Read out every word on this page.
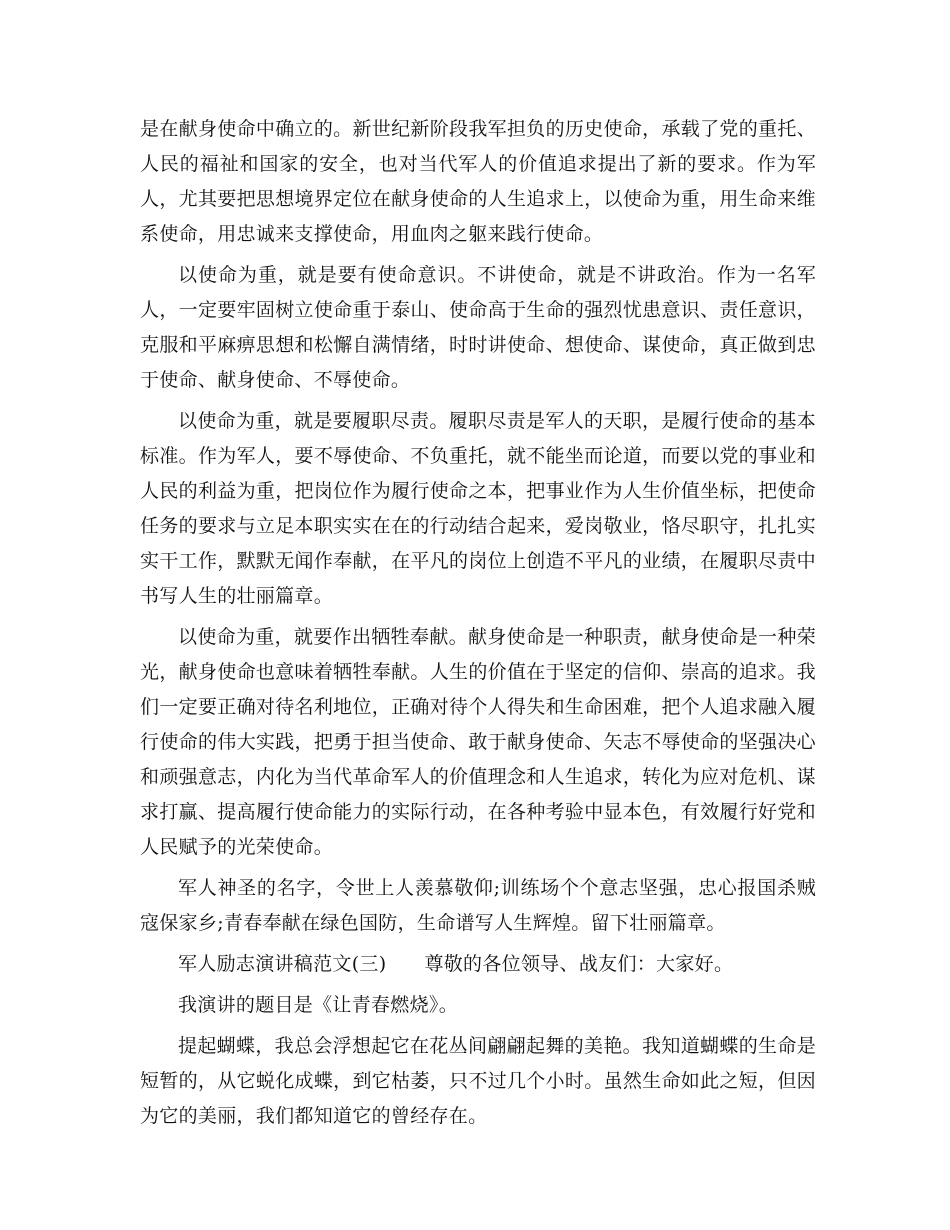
是在献身使命中确立的。新世纪新阶段我军担负的历史使命，承载了党的重托、人民的福祉和国家的安全，也对当代军人的价值追求提出了新的要求。作为军人，尤其要把思想境界定位在献身使命的人生追求上，以使命为重，用生命来维系使命，用忠诚来支撑使命，用血肉之躯来践行使命。

以使命为重，就是要有使命意识。不讲使命，就是不讲政治。作为一名军人，一定要牢固树立使命重于泰山、使命高于生命的强烈忧患意识、责任意识，克服和平麻痹思想和松懈自满情绪，时时讲使命、想使命、谋使命，真正做到忠于使命、献身使命、不辱使命。

以使命为重，就是要履职尽责。履职尽责是军人的天职，是履行使命的基本标准。作为军人，要不辱使命、不负重托，就不能坐而论道，而要以党的事业和人民的利益为重，把岗位作为履行使命之本，把事业作为人生价值坐标，把使命任务的要求与立足本职实实在在的行动结合起来，爱岗敬业，恪尽职守，扎扎实实干工作，默默无闻作奉献，在平凡的岗位上创造不平凡的业绩，在履职尽责中书写人生的壮丽篇章。

以使命为重，就要作出牺牲奉献。献身使命是一种职责，献身使命是一种荣光，献身使命也意味着牺牲奉献。人生的价值在于坚定的信仰、崇高的追求。我们一定要正确对待名利地位，正确对待个人得失和生命困难，把个人追求融入履行使命的伟大实践，把勇于担当使命、敢于献身使命、矢志不辱使命的坚强决心和顽强意志，内化为当代革命军人的价值理念和人生追求，转化为应对危机、谋求打赢、提高履行使命能力的实际行动，在各种考验中显本色，有效履行好党和人民赋予的光荣使命。

军人神圣的名字，令世上人羡慕敬仰;训练场个个意志坚强，忠心报国杀贼寇保家乡;青春奉献在绿色国防，生命谱写人生辉煌。留下壮丽篇章。

军人励志演讲稿范文(三) 尊敬的各位领导、战友们：大家好。

我演讲的题目是《让青春燃烧》。

提起蝴蝶，我总会浮想起它在花丛间翩翩起舞的美艳。我知道蝴蝶的生命是短暂的，从它蜕化成蝶，到它枯萎，只不过几个小时。虽然生命如此之短，但因为它的美丽，我们都知道它的曾经存在。
